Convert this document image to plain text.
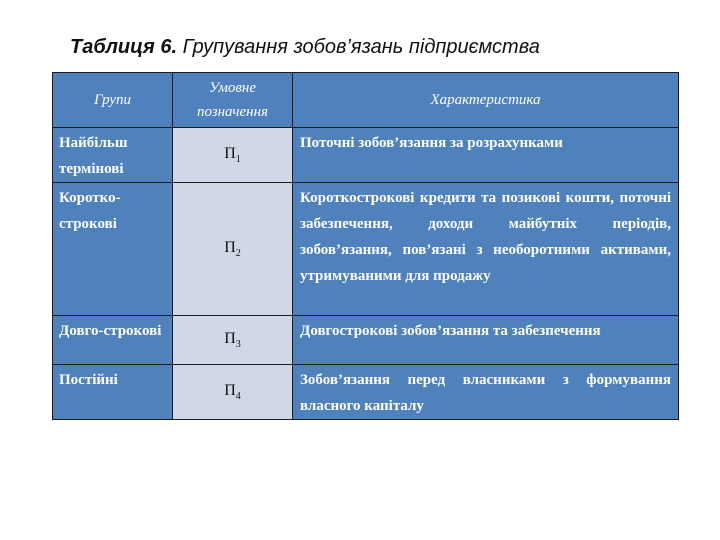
Таблиця 6. Групування зобов’язань підприємства
Групи	Умовне позначення	Характеристика
Найбільш термінові	$П_1$	Поточні зобов’язання за розрахунками
Коротко-строкові	$П_2$	Короткострокові кредити та позикові кошти, поточні забезпечення, доходи майбутніх періодів, зобов’язання, пов’язані з необоротними активами, утримуваними для продажу
Довго-строкові	$П_3$	Довгострокові зобов’язання та забезпечення
Постійні	$П_4$	Зобов’язання перед власниками з формування власного капіталу
